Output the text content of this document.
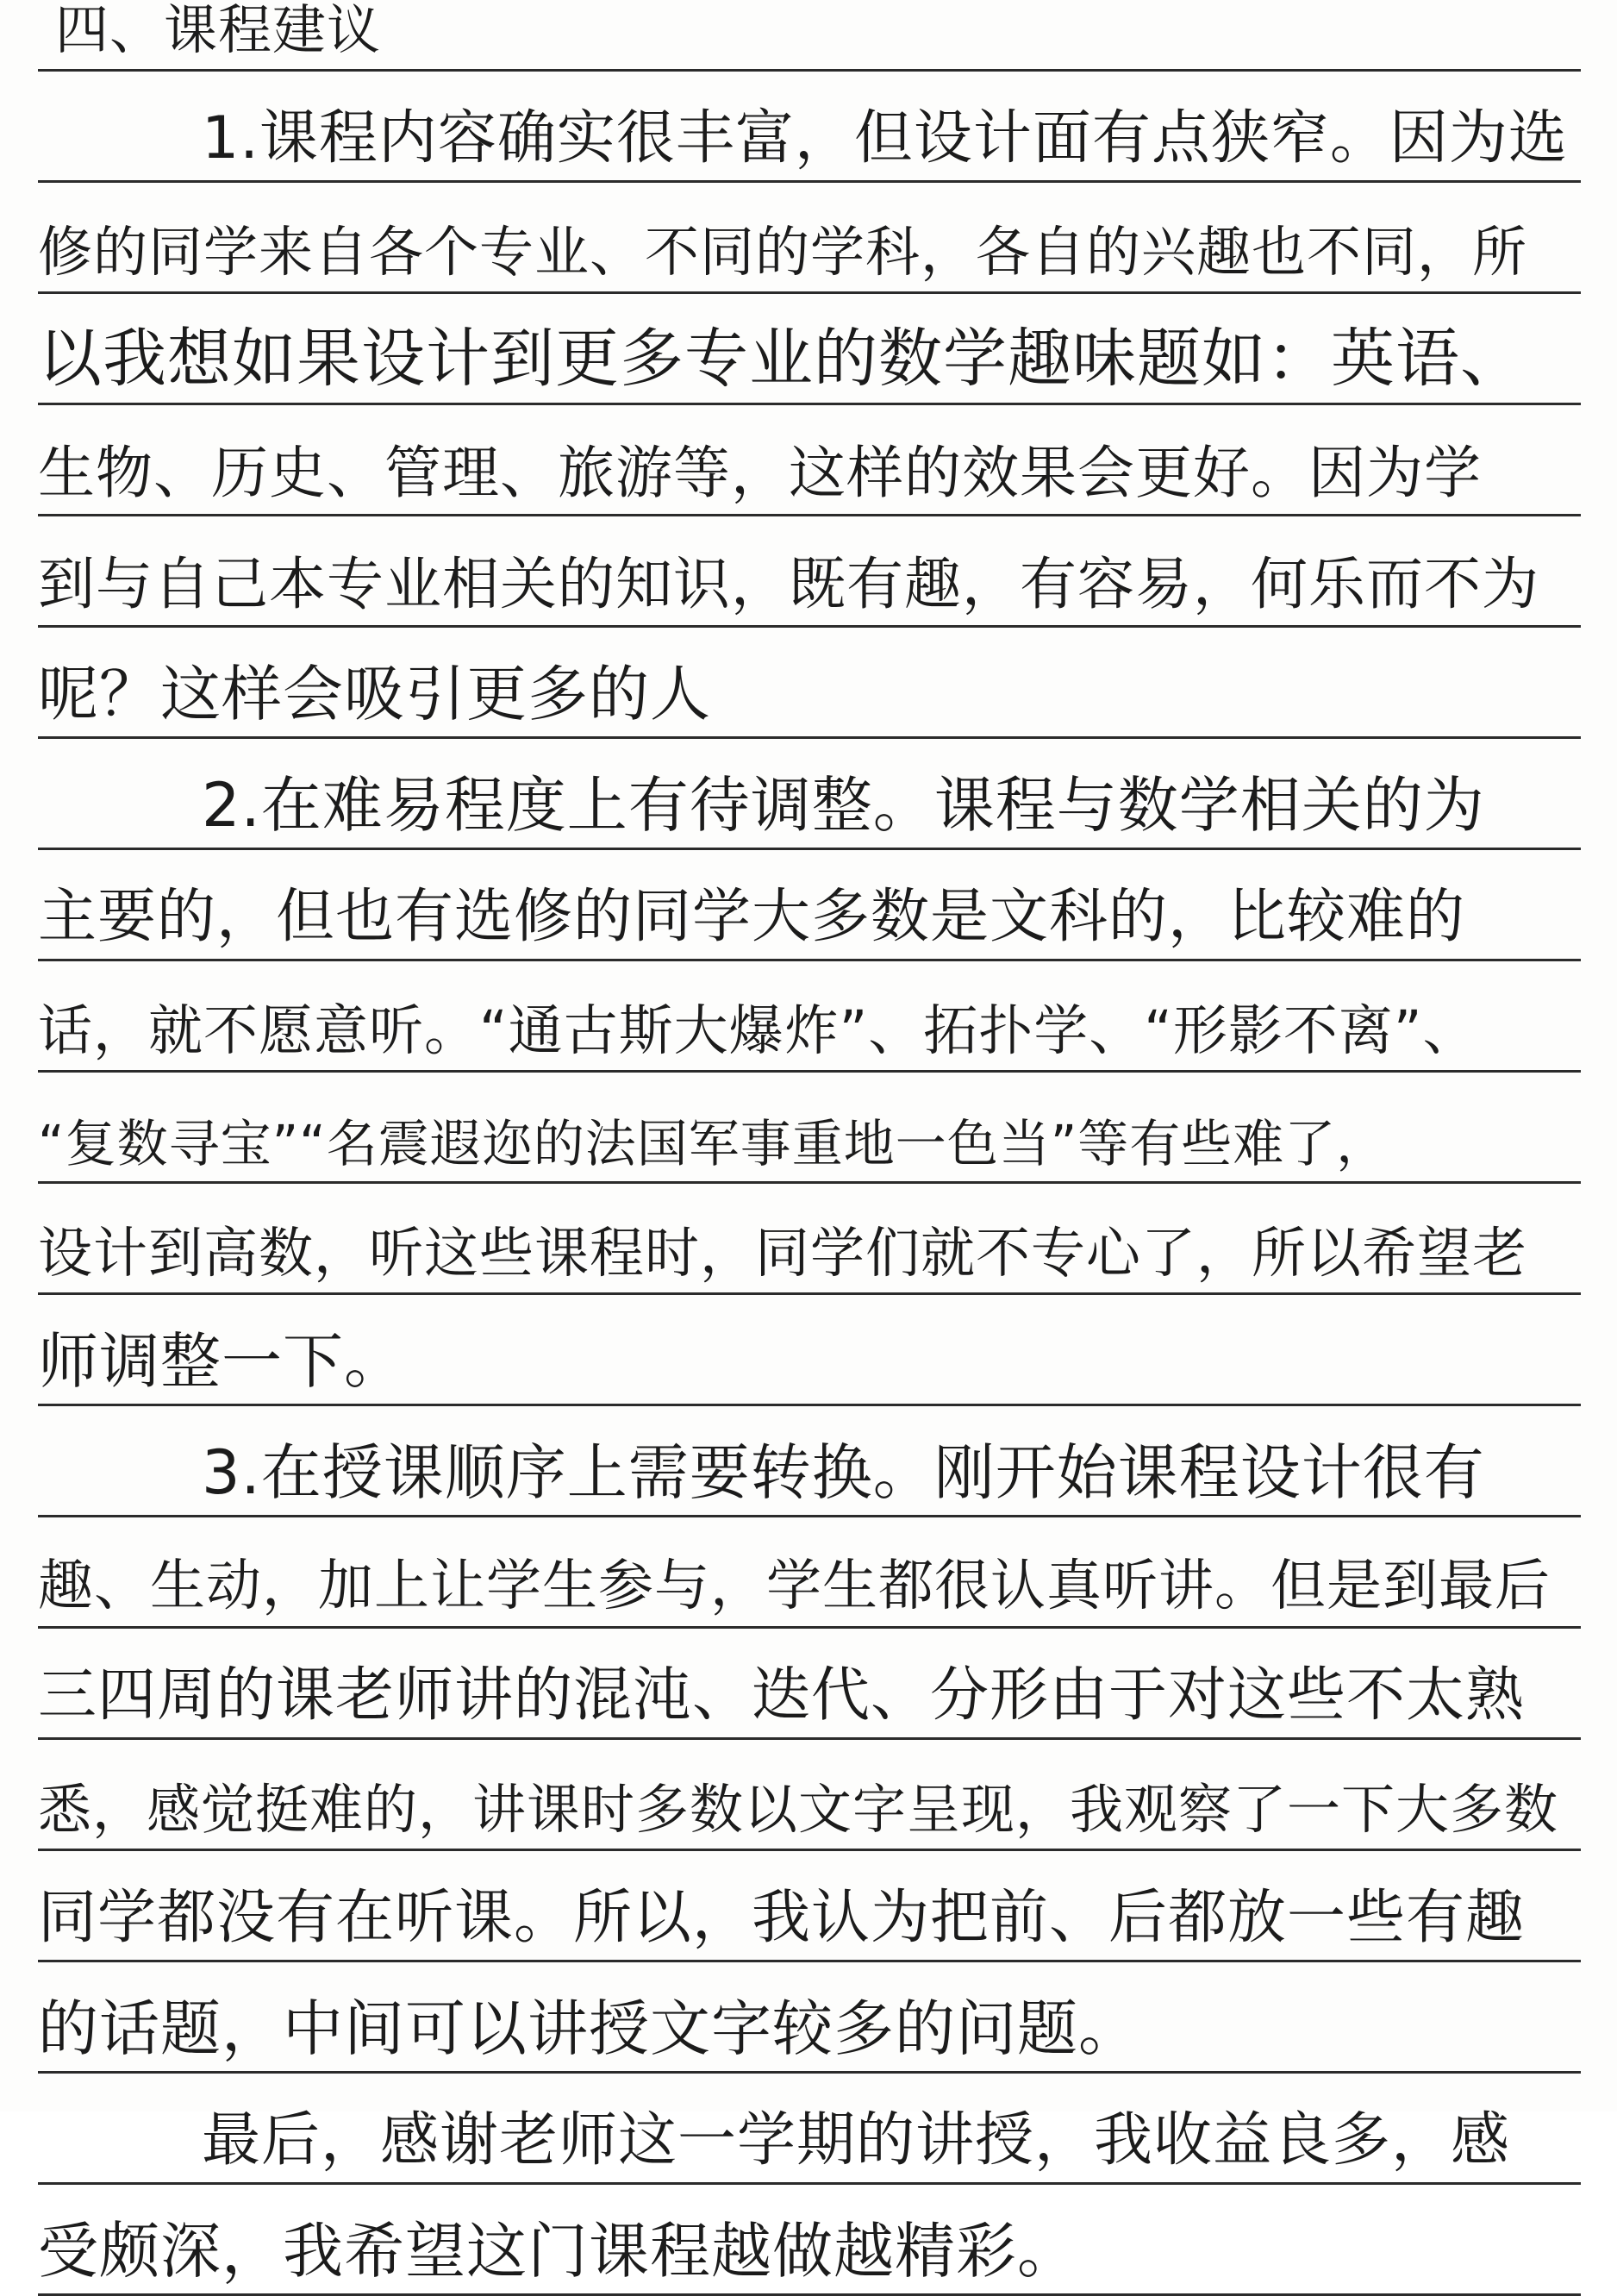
四、课程建议
1.课程内容确实很丰富，但设计面有点狭窄。因为选
修的同学来自各个专业、不同的学科，各自的兴趣也不同，所
以我想如果设计到更多专业的数学趣味题如：英语、
生物、历史、管理、旅游等，这样的效果会更好。因为学
到与自己本专业相关的知识，既有趣，有容易，何乐而不为
呢？这样会吸引更多的人
2.在难易程度上有待调整。课程与数学相关的为
主要的，但也有选修的同学大多数是文科的，比较难的
话，就不愿意听。“通古斯大爆炸”、拓扑学、“形影不离”、
“复数寻宝”“名震遐迩的法国军事重地一色当”等有些难了，
设计到高数，听这些课程时，同学们就不专心了，所以希望老
师调整一下。
3.在授课顺序上需要转换。刚开始课程设计很有
趣、生动，加上让学生参与，学生都很认真听讲。但是到最后
三四周的课老师讲的混沌、迭代、分形由于对这些不太熟
悉，感觉挺难的，讲课时多数以文字呈现，我观察了一下大多数
同学都没有在听课。所以，我认为把前、后都放一些有趣
的话题，中间可以讲授文字较多的问题。
最后，感谢老师这一学期的讲授，我收益良多，感
受颇深，我希望这门课程越做越精彩。
